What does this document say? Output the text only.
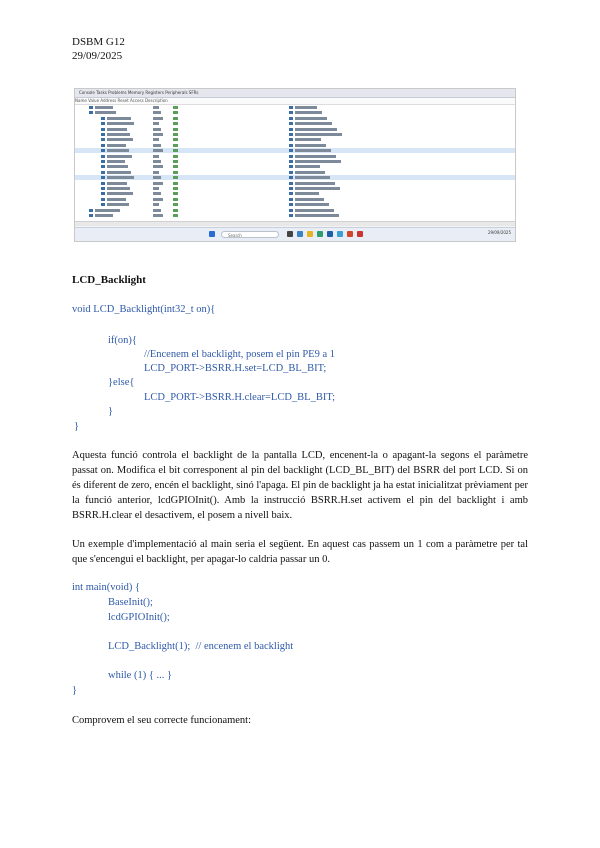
DSBM G12
29/09/2025
Console Tasks Problems Memory Registers Peripherals SFRs
Name Value Address Reset Access Description
Search
29/09/2025
LCD_Backlight
void LCD_Backlight(int32_t on){
if(on){
//Encenem el backlight, posem el pin PE9 a 1
LCD_PORT->BSRR.H.set=LCD_BL_BIT;
}else{
LCD_PORT->BSRR.H.clear=LCD_BL_BIT;
}
}
Aquesta funció controla el backlight de la pantalla LCD, encenent-la o apagant-la segons el paràmetre passat on. Modifica el bit corresponent al pin del backlight (LCD_BL_BIT) del BSRR del port LCD. Si on és diferent de zero, encén el backlight, sinó l'apaga. El pin de backlight ja ha estat inicialitzat prèviament per la funció anterior, lcdGPIOInit(). Amb la instrucció BSRR.H.set activem el pin del backlight i amb BSRR.H.clear el desactivem, el posem a nivell baix.
Un exemple d'implementació al main seria el següent. En aquest cas passem un 1 com a paràmetre per tal que s'encengui el backlight, per apagar-lo caldria passar un 0.
int main(void) {
BaseInit();
lcdGPIOInit();
LCD_Backlight(1);  // encenem el backlight
while (1) { ... }
}
Comprovem el seu correcte funcionament:
